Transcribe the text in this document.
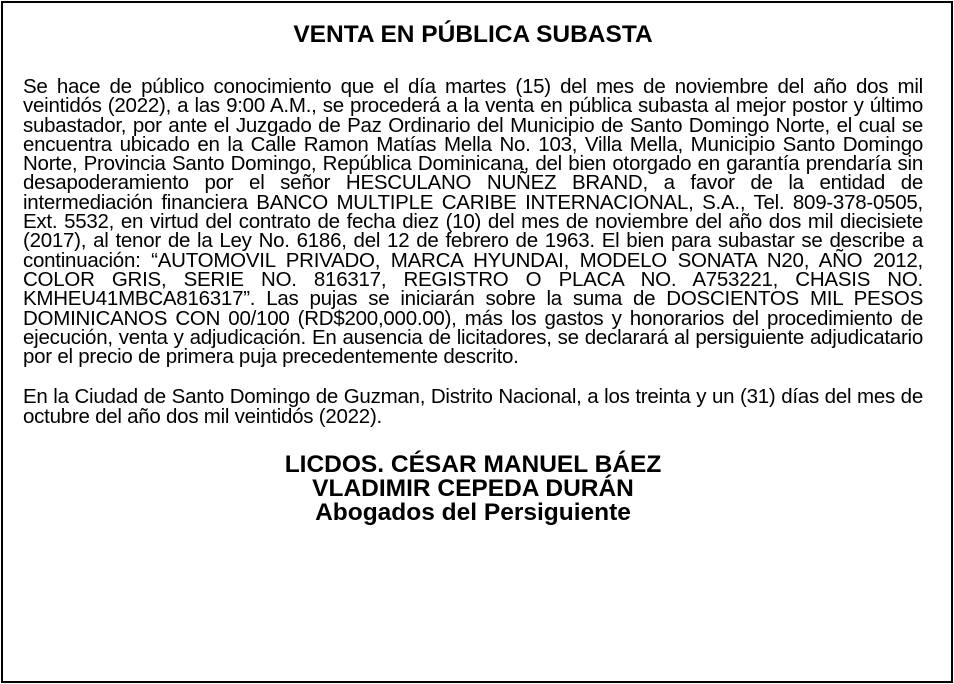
VENTA EN PÚBLICA SUBASTA

Se hace de público conocimiento que el día martes (15) del mes de noviembre del año dos mil veintidós (2022), a las 9:00 A.M., se procederá a la venta en pública subasta al mejor postor y último subastador, por ante el Juzgado de Paz Ordinario del Municipio de Santo Domingo Norte, el cual se encuentra ubicado en la Calle Ramon Matías Mella No. 103, Villa Mella, Municipio Santo Domingo Norte, Provincia Santo Domingo, República Dominicana, del bien otorgado en garantía prendaría sin desapoderamiento por el señor HESCULANO NUÑEZ BRAND, a favor de la entidad de intermediación financiera BANCO MULTIPLE CARIBE INTERNACIONAL, S.A., Tel. 809-378-0505, Ext. 5532, en virtud del contrato de fecha diez (10) del mes de noviembre del año dos mil diecisiete (2017), al tenor de la Ley No. 6186, del 12 de febrero de 1963. El bien para subastar se describe a continuación: “AUTOMOVIL PRIVADO, MARCA HYUNDAI, MODELO SONATA N20, AÑO 2012, COLOR GRIS, SERIE NO. 816317, REGISTRO O PLACA NO. A753221, CHASIS NO. KMHEU41MBCA816317”. Las pujas se iniciarán sobre la suma de DOSCIENTOS MIL PESOS DOMINICANOS CON 00/100 (RD$200,000.00), más los gastos y honorarios del procedimiento de ejecución, venta y adjudicación. En ausencia de licitadores, se declarará al persiguiente adjudicatario por el precio de primera puja precedentemente descrito.

En la Ciudad de Santo Domingo de Guzman, Distrito Nacional, a los treinta y un (31) días del mes de octubre del año dos mil veintidós (2022).

LICDOS. CÉSAR MANUEL BÁEZ
VLADIMIR CEPEDA DURÁN
Abogados del Persiguiente
